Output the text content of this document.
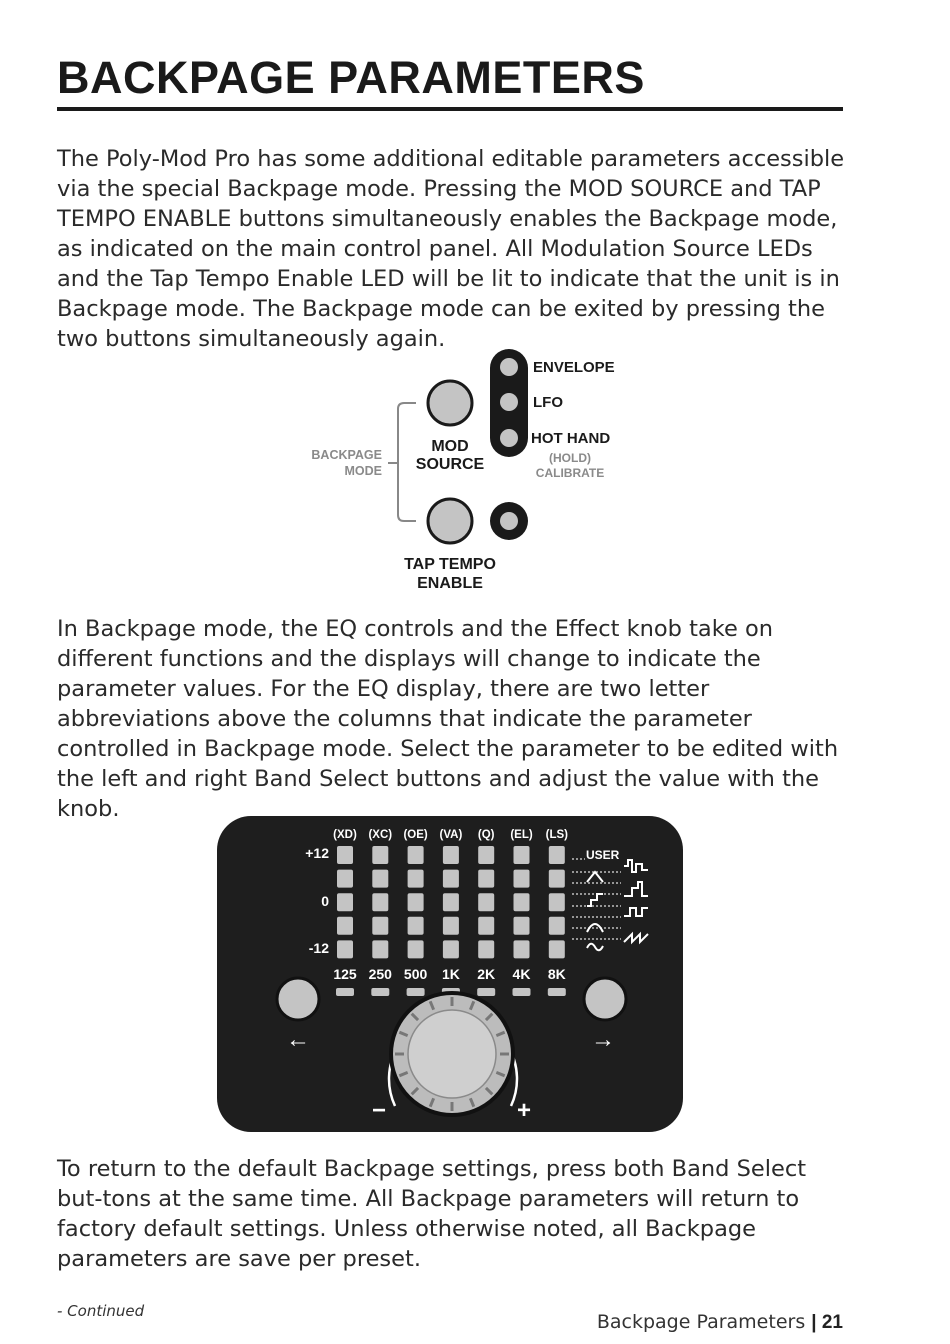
BACKPAGE PARAMETERS

The Poly-Mod Pro has some additional editable parameters accessible via the special Backpage mode. Pressing the MOD SOURCE and TAP TEMPO ENABLE buttons simultaneously enables the Backpage mode, as indicated on the main control panel. All Modulation Source LEDs and the Tap Tempo Enable LED will be lit to indicate that the unit is in Backpage mode. The Backpage mode can be exited by pressing the two buttons simultaneously again.

BACKPAGE
MODE
MOD
SOURCE
ENVELOPE
LFO
HOT HAND
(HOLD)
CALIBRATE
TAP TEMPO
ENABLE

In Backpage mode, the EQ controls and the Effect knob take on different functions and the displays will change to indicate the parameter values. For the EQ display, there are two letter abbreviations above the columns that indicate the parameter controlled in Backpage mode. Select the parameter to be edited with the left and right Band Select buttons and adjust the value with the knob.

(XD)
125
(XC)
250
(OE)
500
(VA)
1K
(Q)
2K
(EL)
4K
(LS)
8K
+12
0
-12
USER
←	→
−	+

To return to the default Backpage settings, press both Band Select but-tons at the same time. All Backpage parameters will return to factory default settings. Unless otherwise noted, all Backpage parameters are save per preset.

- Continued	Backpage Parameters | 21
